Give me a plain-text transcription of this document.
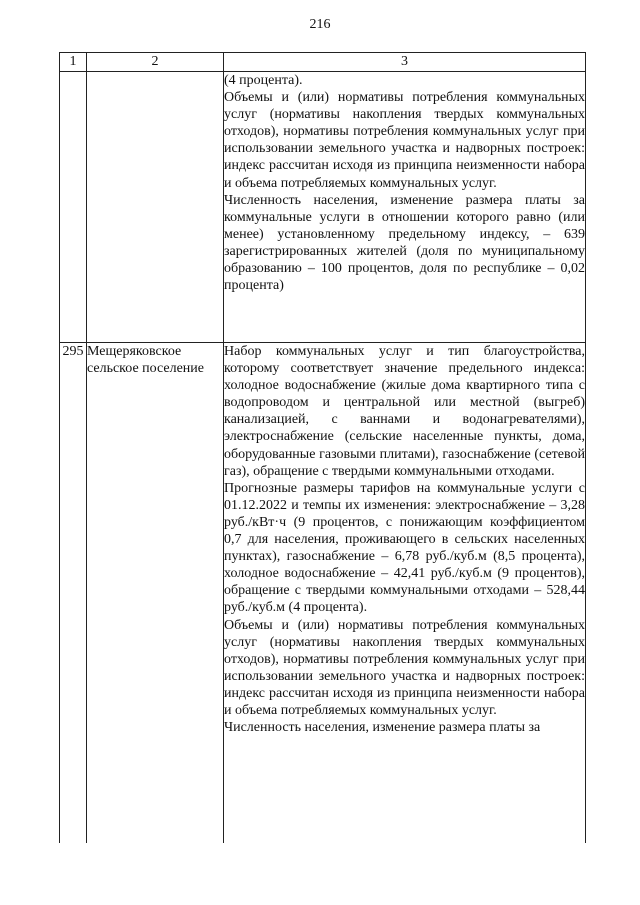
216
1	2	3

		(4 процента).

Объемы и (или) нормативы потребления коммунальных услуг (нормативы накопления твердых коммунальных отходов), нормативы потребления коммунальных услуг при использовании земельного участка и надворных построек: индекс рассчитан исходя из принципа неизменности набора и объема потребляемых коммунальных услуг.

Численность населения, изменение размера платы за коммунальные услуги в отношении которого равно (или менее) установленному предельному индексу, – 639 зарегистрированных жителей (доля по муниципальному образованию – 100 процентов, доля по республике – 0,02 процента)

295	Мещеряковское сельское поселение	Набор коммунальных услуг и тип благоустройства, которому соответствует значение предельного индекса: холодное водоснабжение (жилые дома квартирного типа с водопроводом и центральной или местной (выгреб) канализацией, с ваннами и водонагревателями), электроснабжение (сельские населенные пункты, дома, оборудованные газовыми плитами), газоснабжение (сетевой газ), обращение с твердыми коммунальными отходами.

Прогнозные размеры тарифов на коммунальные услуги с 01.12.2022 и темпы их изменения: электроснабжение – 3,28 руб./кВт·ч (9 процентов, с понижающим коэффициентом 0,7 для населения, проживающего в сельских населенных пунктах), газоснабжение – 6,78 руб./куб.м (8,5 процента), холодное водоснабжение – 42,41 руб./куб.м (9 процентов), обращение с твердыми коммунальными отходами – 528,44 руб./куб.м (4 процента).

Объемы и (или) нормативы потребления коммунальных услуг (нормативы накопления твердых коммунальных отходов), нормативы потребления коммунальных услуг при использовании земельного участка и надворных построек: индекс рассчитан исходя из принципа неизменности набора и объема потребляемых коммунальных услуг.

Численность населения, изменение размера платы за
